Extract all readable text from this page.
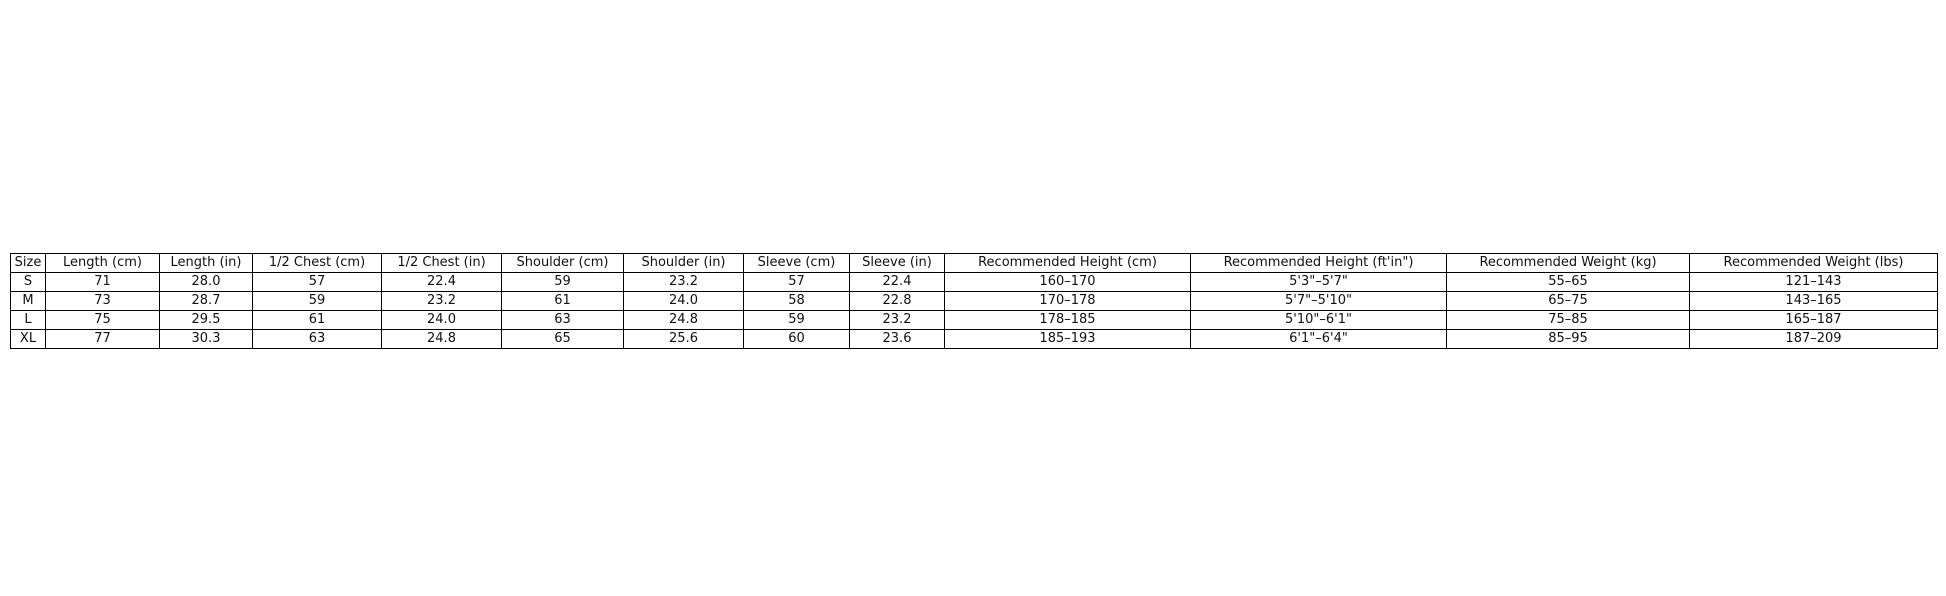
Size	Length (cm)	Length (in)	1/2 Chest (cm)	1/2 Chest (in)	Shoulder (cm)	Shoulder (in)	Sleeve (cm)	Sleeve (in)	Recommended Height (cm)	Recommended Height (ft'in")	Recommended Weight (kg)	Recommended Weight (lbs)
S	71	28.0	57	22.4	59	23.2	57	22.4	160–170	5'3"–5'7"	55–65	121–143
M	73	28.7	59	23.2	61	24.0	58	22.8	170–178	5'7"–5'10"	65–75	143–165
L	75	29.5	61	24.0	63	24.8	59	23.2	178–185	5'10"–6'1"	75–85	165–187
XL	77	30.3	63	24.8	65	25.6	60	23.6	185–193	6'1"–6'4"	85–95	187–209
